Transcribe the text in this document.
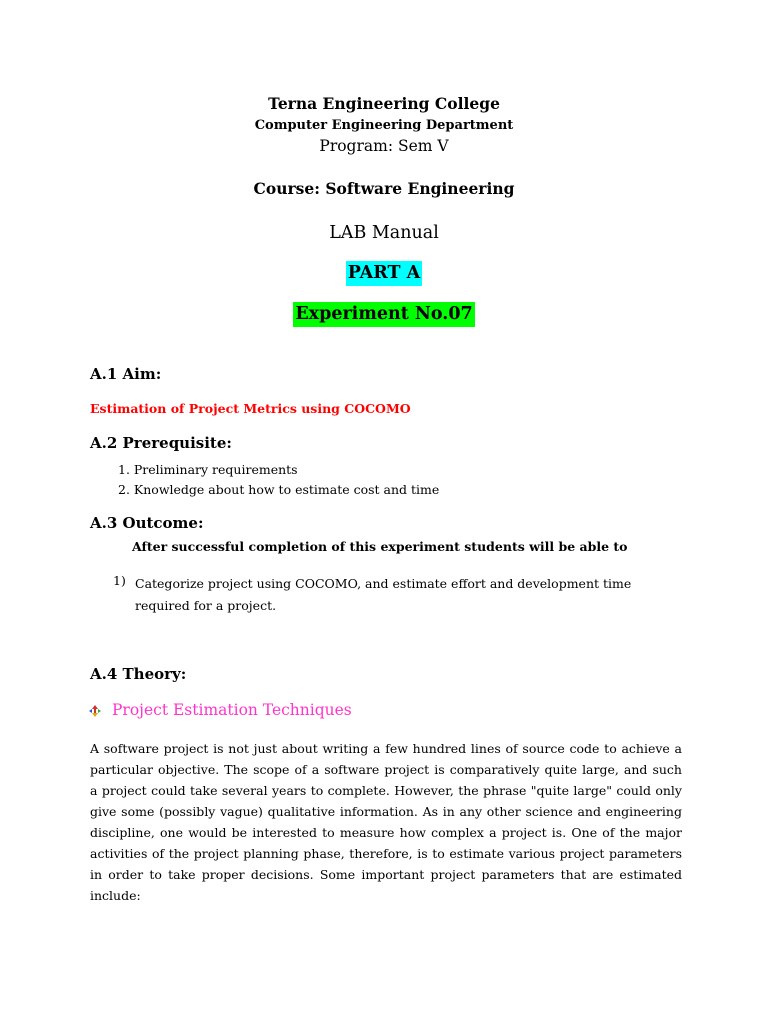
Terna Engineering College
Computer Engineering Department
Program: Sem V
Course: Software Engineering
LAB Manual
PART A
Experiment No.07
A.1 Aim:
Estimation of Project Metrics using COCOMO
A.2 Prerequisite:
1. Preliminary requirements
2. Knowledge about how to estimate cost and time
A.3 Outcome:
After successful completion of this experiment students will be able to
1) Categorize project using COCOMO, and estimate effort and development time required for a project.
A.4 Theory:
Project Estimation Techniques
A software project is not just about writing a few hundred lines of source code to achieve a
particular objective. The scope of a software project is comparatively quite large, and such
a project could take several years to complete. However, the phrase "quite large" could only
give some (possibly vague) qualitative information. As in any other science and engineering
discipline, one would be interested to measure how complex a project is. One of the major
activities of the project planning phase, therefore, is to estimate various project parameters
in order to take proper decisions. Some important project parameters that are estimated
include:
